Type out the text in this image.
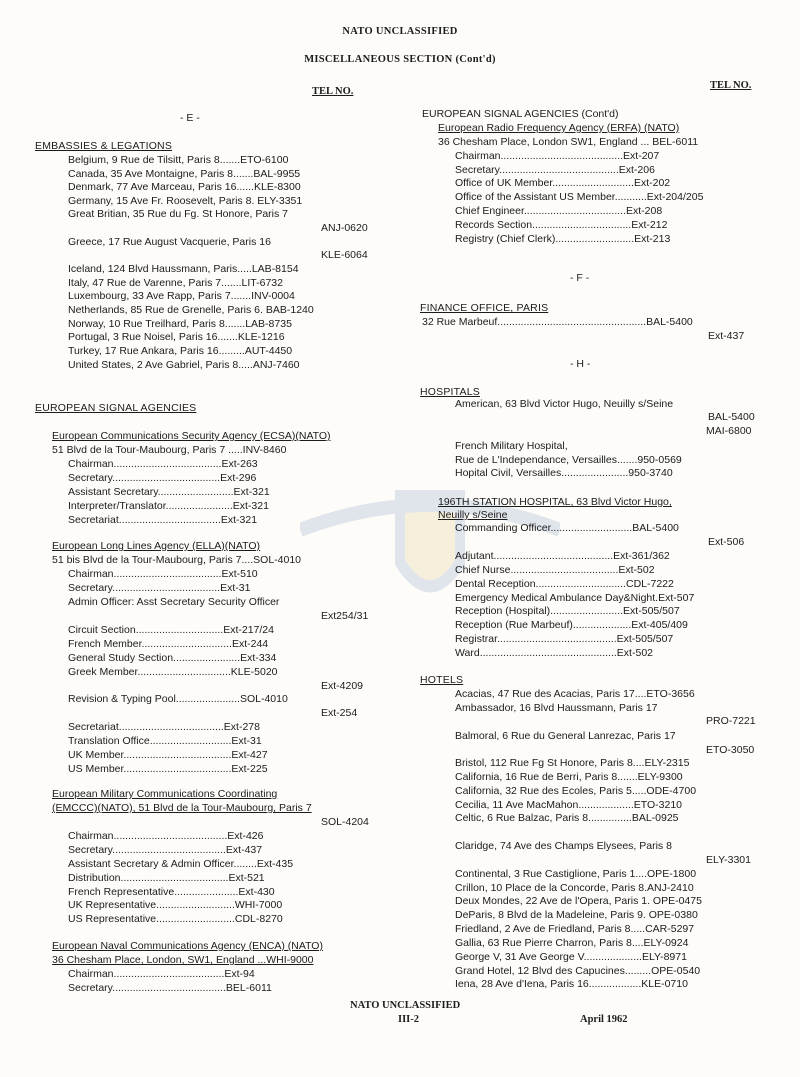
NATO UNCLASSIFIED
MISCELLANEOUS SECTION (Cont'd)
TEL NO.
TEL NO.
- E -
EMBASSIES & LEGATIONS
Belgium, 9 Rue de Tilsitt, Paris 8.......ETO-6100
Canada, 35 Ave Montaigne, Paris 8.......BAL-9955
Denmark, 77 Ave Marceau, Paris 16......KLE-8300
Germany, 15 Ave Fr. Roosevelt, Paris 8. ELY-3351
Great Britian, 35 Rue du Fg. St Honore, Paris 7
ANJ-0620
Greece, 17 Rue August Vacquerie, Paris 16
KLE-6064
Iceland, 124 Blvd Haussmann, Paris.....LAB-8154
Italy, 47 Rue de Varenne, Paris 7.......LIT-6732
Luxembourg, 33 Ave Rapp, Paris 7.......INV-0004
Netherlands, 85 Rue de Grenelle, Paris 6. BAB-1240
Norway, 10 Rue Treilhard, Paris 8.......LAB-8735
Portugal, 3 Rue Noisel, Paris 16.......KLE-1216
Turkey, 17 Rue Ankara, Paris 16.........AUT-4450
United States, 2 Ave Gabriel, Paris 8.....ANJ-7460
EUROPEAN SIGNAL AGENCIES
European Communications Security Agency (ECSA)(NATO)
51 Blvd de la Tour-Maubourg, Paris 7 .....INV-8460
Chairman.....................................Ext-263
Secretary.....................................Ext-296
Assistant Secretary..........................Ext-321
Interpreter/Translator.......................Ext-321
Secretariat...................................Ext-321
European Long Lines Agency (ELLA)(NATO)
51 bis Blvd de la Tour-Maubourg, Paris 7....SOL-4010
Chairman.....................................Ext-510
Secretary.....................................Ext-31
Admin Officer: Asst Secretary Security Officer
Ext254/31
Circuit Section..............................Ext-217/24
French Member...............................Ext-244
General Study Section.......................Ext-334
Greek Member................................KLE-5020
Ext-4209
Revision & Typing Pool......................SOL-4010
Ext-254
Secretariat....................................Ext-278
Translation Office............................Ext-31
UK Member.....................................Ext-427
US Member.....................................Ext-225
European Military Communications Coordinating
(EMCCC)(NATO), 51 Blvd de la Tour-Maubourg, Paris 7
SOL-4204
Chairman.......................................Ext-426
Secretary.......................................Ext-437
Assistant Secretary & Admin Officer........Ext-435
Distribution.....................................Ext-521
French Representative......................Ext-430
UK Representative...........................WHI-7000
US Representative...........................CDL-8270
European Naval Communications Agency (ENCA) (NATO)
36 Chesham Place, London, SW1, England ...WHI-9000
Chairman......................................Ext-94
Secretary.......................................BEL-6011
EUROPEAN SIGNAL AGENCIES (Cont'd)
European Radio Frequency Agency (ERFA) (NATO)
36 Chesham Place, London SW1, England ... BEL-6011
Chairman..........................................Ext-207
Secretary.........................................Ext-206
Office of UK Member............................Ext-202
Office of the Assistant US Member...........Ext-204/205
Chief Engineer...................................Ext-208
Records Section..................................Ext-212
Registry (Chief Clerk)...........................Ext-213
- F -
FINANCE OFFICE, PARIS
32 Rue Marbeuf...................................................BAL-5400
Ext-437
- H -
HOSPITALS
American, 63 Blvd Victor Hugo, Neuilly s/Seine
BAL-5400
MAI-6800
French Military Hospital,
Rue de L'Independance, Versailles.......950-0569
Hopital Civil, Versailles.......................950-3740
196TH STATION HOSPITAL, 63 Blvd Victor Hugo,
Neuilly s/Seine
Commanding Officer............................BAL-5400
Ext-506
Adjutant.........................................Ext-361/362
Chief Nurse.....................................Ext-502
Dental Reception...............................CDL-7222
Emergency Medical Ambulance Day&Night.Ext-507
Reception (Hospital).........................Ext-505/507
Reception (Rue Marbeuf)....................Ext-405/409
Registrar.........................................Ext-505/507
Ward...............................................Ext-502
HOTELS
Acacias, 47 Rue des Acacias, Paris 17....ETO-3656
Ambassador, 16 Blvd Haussmann, Paris 17
PRO-7221
Balmoral, 6 Rue du General Lanrezac, Paris 17
ETO-3050
Bristol, 112 Rue Fg St Honore, Paris 8....ELY-2315
California, 16 Rue de Berri, Paris 8.......ELY-9300
California, 32 Rue des Ecoles, Paris 5.....ODE-4700
Cecilia, 11 Ave MacMahon...................ETO-3210
Celtic, 6 Rue Balzac, Paris 8...............BAL-0925
Claridge, 74 Ave des Champs Elysees, Paris 8
ELY-3301
Continental, 3 Rue Castiglione, Paris 1....OPE-1800
Crillon, 10 Place de la Concorde, Paris 8.ANJ-2410
Deux Mondes, 22 Ave de l'Opera, Paris 1. OPE-0475
DeParis, 8 Blvd de la Madeleine, Paris 9. OPE-0380
Friedland, 2 Ave de Friedland, Paris 8.....CAR-5297
Gallia, 63 Rue Pierre Charron, Paris 8....ELY-0924
George V, 31 Ave George V....................ELY-8971
Grand Hotel, 12 Blvd des Capucines.........OPE-0540
Iena, 28 Ave d'Iena, Paris 16..................KLE-0710
NATO UNCLASSIFIED
III-2	April 1962
